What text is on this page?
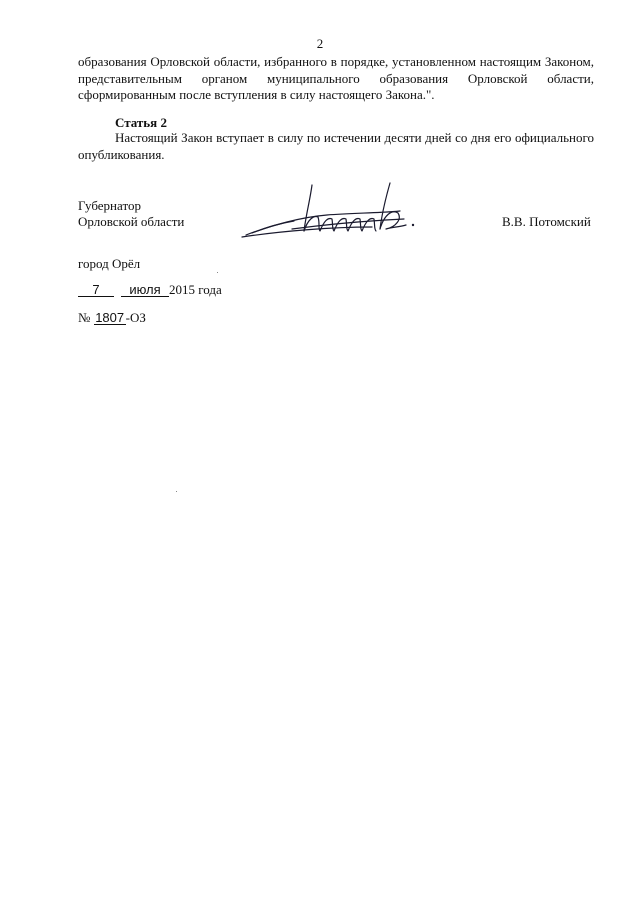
2
образования Орловской области, избранного в порядке, установленном настоящим Законом,
представительным органом муниципального образования Орловской области,
сформированным после вступления в силу настоящего Закона.".
Статья 2
Настоящий Закон вступает в силу по истечении десяти дней со дня его официального
опубликования.
Губернатор
Орловской области	В.В. Потомский
город Орёл
7 июля 2015 года
№ 1807 -ОЗ
